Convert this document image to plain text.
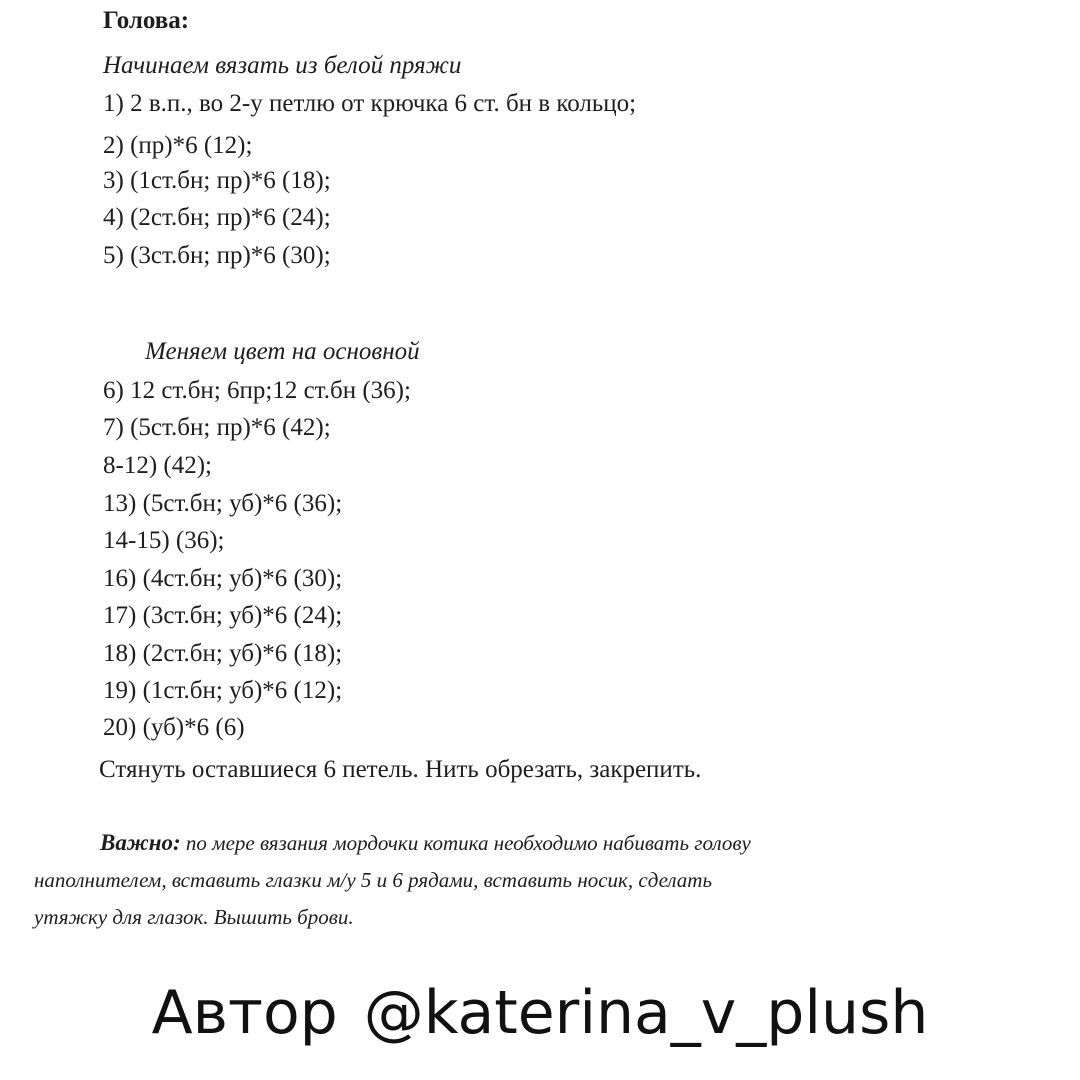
Голова:
Начинаем вязать из белой пряжи
1) 2 в.п., во 2-у петлю от крючка 6 ст. бн в кольцо;
2) (пр)*6 (12);
3) (1ст.бн; пр)*6 (18);
4) (2ст.бн; пр)*6 (24);
5) (3ст.бн; пр)*6 (30);
Меняем цвет на основной
6) 12 ст.бн; 6пр;12 ст.бн (36);
7) (5ст.бн; пр)*6 (42);
8-12) (42);
13) (5ст.бн; уб)*6 (36);
14-15) (36);
16) (4ст.бн; уб)*6 (30);
17) (3ст.бн; уб)*6 (24);
18) (2ст.бн; уб)*6 (18);
19) (1ст.бн; уб)*6 (12);
20) (уб)*6 (6)
Стянуть оставшиеся 6 петель. Нить обрезать, закрепить.
Важно: по мере вязания мордочки котика необходимо набивать голову
наполнителем, вставить глазки м/у 5 и 6 рядами, вставить носик, сделать
утяжку для глазок. Вышить брови.
Автор @katerina_v_plush
